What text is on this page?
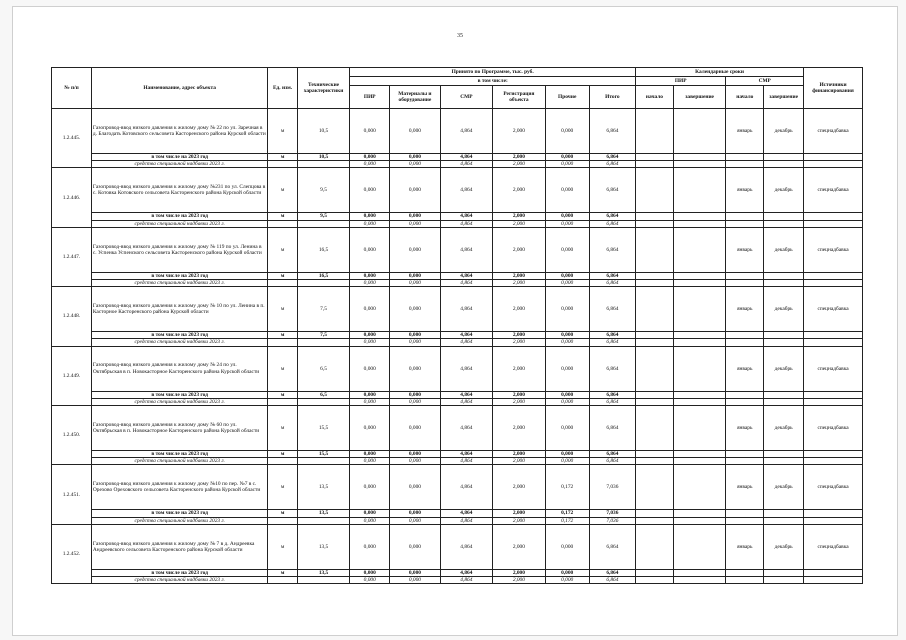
35
№ п/п	Наименование, адрес объекта	Ед. изм.	Технические характеристики	Принято по Программе, тыс. руб.						Календарные сроки				Источники финансирования
				в том числе:						ПИР		СМР		
				ПИР	Материалы и оборудование	СМР	Регистрация объекта	Прочие	Итого	начало	завершение	начало	завершение	
1.2.445.	Газопровод-ввод низкого давления к жилому дому № 22 по ул. Заречная в д. Благодать Котовского сельсовета Касторенского района Курской области	м	10,5	0,000	0,000	4,864	2,000	0,000	6,864			январь	декабрь	спецнадбавка
	в том числе на 2023 год	м	10,5	0,000	0,000	4,864	2,000	0,000	6,864					
	средства специальной надбавки 2023 г.			0,000	0,000	4,864	2,000	0,000	6,864					
1.2.446.	Газопровод-ввод низкого давления к жилому дому №231 по ул. Слепцова в с. Котовка Котовского сельсовета Касторенского района Курской области	м	9,5	0,000	0,000	4,864	2,000	0,000	6,864			январь	декабрь	спецнадбавка
	в том числе на 2023 год	м	9,5	0,000	0,000	4,864	2,000	0,000	6,864					
	средства специальной надбавки 2023 г.			0,000	0,000	4,864	2,000	0,000	6,864					
1.2.447.	Газопровод-ввод низкого давления к жилому дому № 119 по ул. Ленина в с. Успенка Успенского сельсовета Касторенского района Курской области	м	16,5	0,000	0,000	4,864	2,000	0,000	6,864			январь	декабрь	спецнадбавка
	в том числе на 2023 год	м	16,5	0,000	0,000	4,864	2,000	0,000	6,864					
	средства специальной надбавки 2023 г.			0,000	0,000	4,864	2,000	0,000	6,864					
1.2.448.	Газопровод-ввод низкого давления к жилому дому № 10 по ул. Ленина в п. Касторное Касторенского района Курской области	м	7,5	0,000	0,000	4,864	2,000	0,000	6,864			январь	декабрь	спецнадбавка
	в том числе на 2023 год	м	7,5	0,000	0,000	4,864	2,000	0,000	6,864					
	средства специальной надбавки 2023 г.			0,000	0,000	4,864	2,000	0,000	6,864					
1.2.449.	Газопровод-ввод низкого давления к жилому дому № 24 по ул. Октябрьская в п. Новокасторное Касторенского района Курской области	м	6,5	0,000	0,000	4,864	2,000	0,000	6,864			январь	декабрь	спецнадбавка
	в том числе на 2023 год	м	6,5	0,000	0,000	4,864	2,000	0,000	6,864					
	средства специальной надбавки 2023 г.			0,000	0,000	4,864	2,000	0,000	6,864					
1.2.450.	Газопровод-ввод низкого давления к жилому дому № 60 по ул. Октябрьская в п. Новокасторное Касторенского района Курской области	м	15,5	0,000	0,000	4,864	2,000	0,000	6,864			январь	декабрь	спецнадбавка
	в том числе на 2023 год	м	15,5	0,000	0,000	4,864	2,000	0,000	6,864					
	средства специальной надбавки 2023 г.			0,000	0,000	4,864	2,000	0,000	6,864					
1.2.451.	Газопровод-ввод низкого давления к жилому дому №10 по пер. №7 в с. Орехово Ореховского сельсовета Касторенского района Курской области	м	13,5	0,000	0,000	4,864	2,000	0,172	7,036			январь	декабрь	спецнадбавка
	в том числе на 2023 год	м	13,5	0,000	0,000	4,864	2,000	0,172	7,036					
	средства специальной надбавки 2023 г.			0,000	0,000	4,864	2,000	0,172	7,036					
1.2.452.	Газопровод-ввод низкого давления к жилому дому № 7 в д. Андреевка Андреевского сельсовета Касторенского района Курской области	м	13,5	0,000	0,000	4,864	2,000	0,000	6,864			январь	декабрь	спецнадбавка
	в том числе на 2023 год	м	13,5	0,000	0,000	4,864	2,000	0,000	6,864					
	средства специальной надбавки 2023 г.			0,000	0,000	4,864	2,000	0,000	6,864					
